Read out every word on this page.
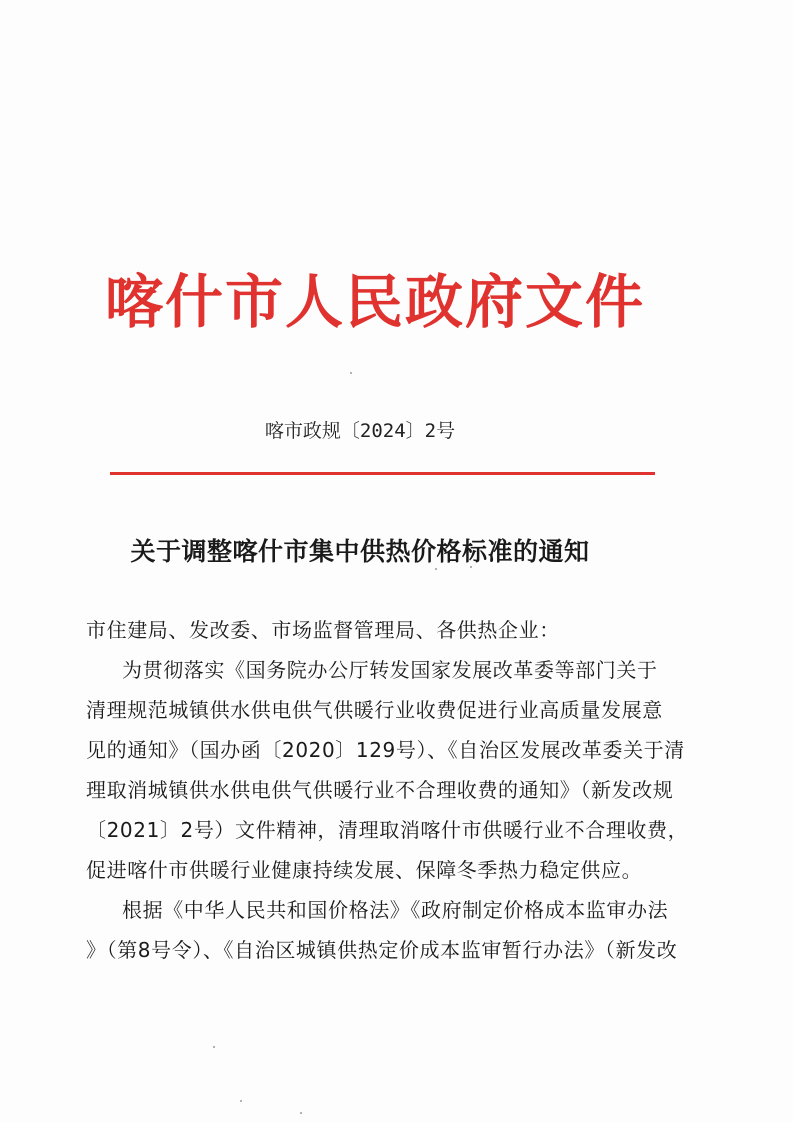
喀什市人民政府文件
喀市政规〔2024〕2号
关于调整喀什市集中供热价格标准的通知
市住建局、发改委、市场监督管理局、各供热企业：
为贯彻落实《国务院办公厅转发国家发展改革委等部门关于
清理规范城镇供水供电供气供暖行业收费促进行业高质量发展意
见的通知》（国办函〔2020〕129号）、《自治区发展改革委关于清
理取消城镇供水供电供气供暖行业不合理收费的通知》（新发改规
〔2021〕2号）文件精神，清理取消喀什市供暖行业不合理收费，
促进喀什市供暖行业健康持续发展、保障冬季热力稳定供应。
根据《中华人民共和国价格法》《政府制定价格成本监审办法
》（第8号令）、《自治区城镇供热定价成本监审暂行办法》（新发改
